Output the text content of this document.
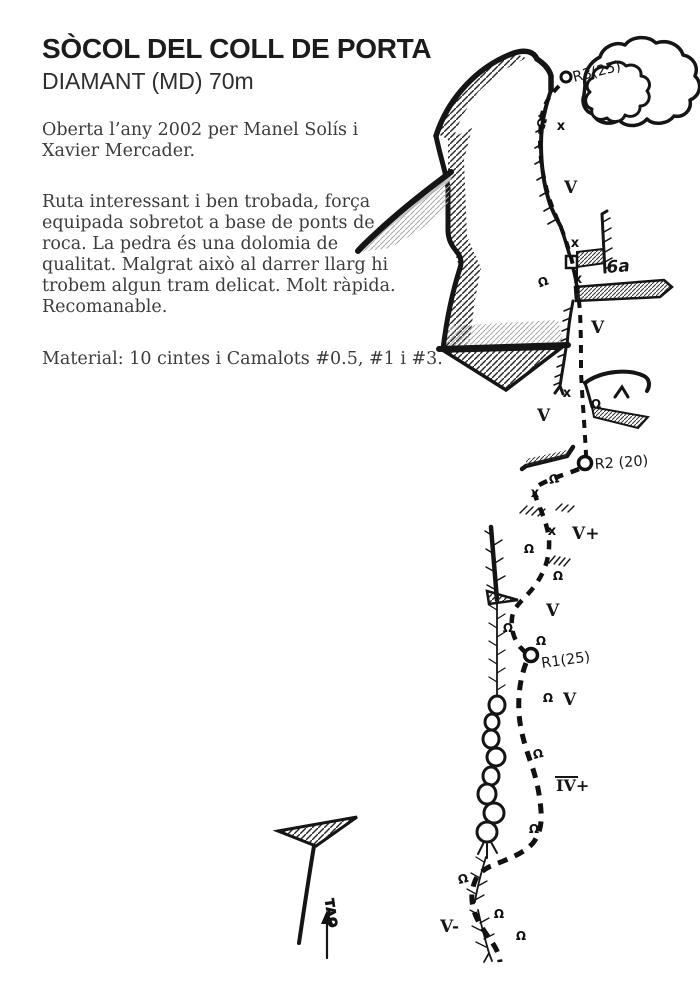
SÒCOL DEL COLL DE PORTA
DIAMANT (MD) 70m
Oberta l’any 2002 per Manel Solís i
Xavier Mercader.
Ruta interessant i ben trobada, força
equipada sobretot a base de ponts de
roca. La pedra és una dolomia de
qualitat. Malgrat això al darrer llarg hi
trobem algun tram delicat. Molt ràpida.
Recomanable.
Material: 10 cintes i Camalots #0.5, #1 i #3.
R3(25)
R2 (20)
R1(25)
V
6a
V
V
V+
V
V
IV+
V-
x
x
x
x
x
x
Ω
Ω
Ω
Ω
Ω
Ω
Ω
Ω
Ω
Ω
Ω
Ω
Ω
Ω
TAO
